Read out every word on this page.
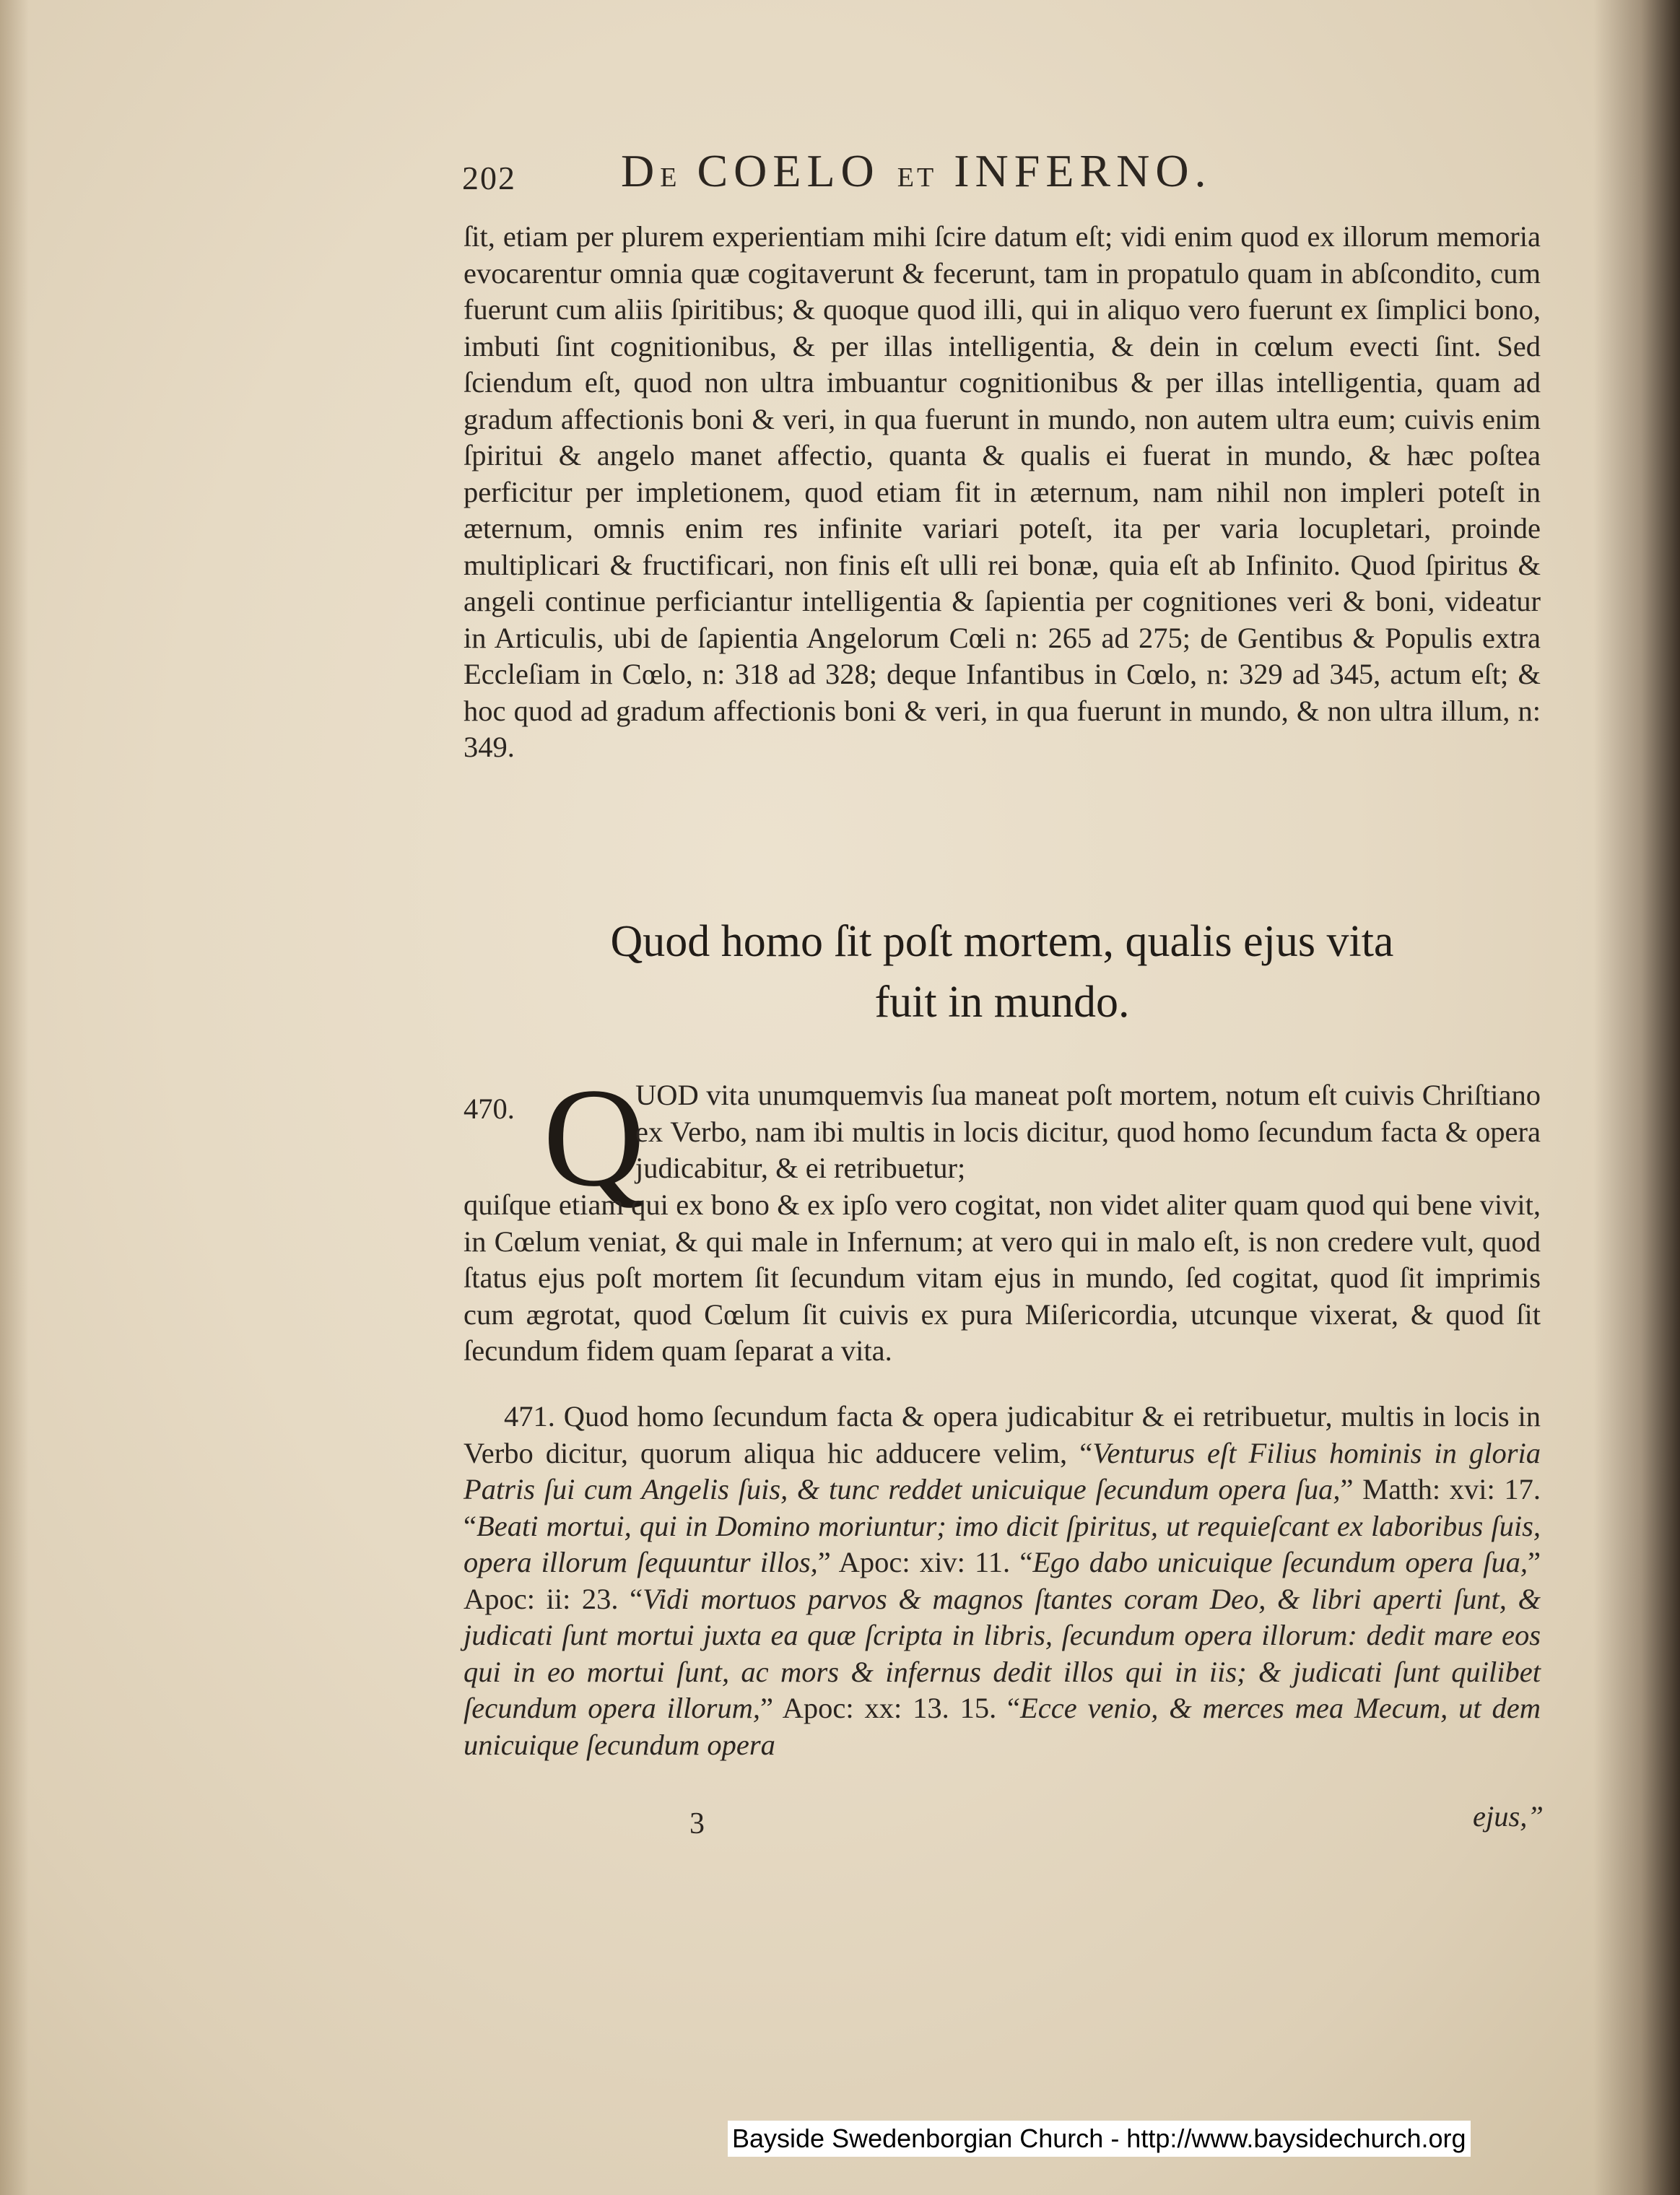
202 DE COELO ET INFERNO.
ſit, etiam per plurem experientiam mihi ſcire datum eſt; vidi enim quod ex illorum memoria evocarentur omnia quæ cogitaverunt & fecerunt, tam in propatulo quam in abſcondito, cum fuerunt cum aliis ſpiritibus; & quoque quod illi, qui in aliquo vero fuerunt ex ſimplici bono, imbuti ſint cognitionibus, & per illas intelligentia, & dein in cœlum evecti ſint. Sed ſciendum eſt, quod non ultra imbuantur cognitionibus & per illas intelligentia, quam ad gradum affectionis boni & veri, in qua fuerunt in mundo, non autem ultra eum; cuivis enim ſpiritui & angelo manet affectio, quanta & qualis ei fuerat in mundo, & hæc poſtea perficitur per impletionem, quod etiam fit in æternum, nam nihil non impleri poteſt in æternum, omnis enim res infinite variari poteſt, ita per varia locupletari, proinde multiplicari & fructificari, non finis eſt ulli rei bonæ, quia eſt ab Infinito. Quod ſpiritus & angeli continue perficiantur intelligentia & ſapientia per cognitiones veri & boni, videatur in Articulis, ubi de ſapientia Angelorum Cœli n: 265 ad 275; de Gentibus & Populis extra Eccleſiam in Cœlo, n: 318 ad 328; deque Infantibus in Cœlo, n: 329 ad 345, actum eſt; & hoc quod ad gradum affectionis boni & veri, in qua fuerunt in mundo, & non ultra illum, n: 349.
Quod homo ſit poſt mortem, qualis ejus vita
fuit in mundo.
470. Q
UOD vita unumquemvis ſua maneat poſt mortem, notum eſt cuivis Chriſtiano ex Verbo, nam ibi multis in locis dicitur, quod homo ſecundum facta & opera judicabitur, & ei retribuetur;
quiſque etiam qui ex bono & ex ipſo vero cogitat, non videt aliter quam quod qui bene vivit, in Cœlum veniat, & qui male in Infernum; at vero qui in malo eſt, is non credere vult, quod ſtatus ejus poſt mortem ſit ſecundum vitam ejus in mundo, ſed cogitat, quod ſit imprimis cum ægrotat, quod Cœlum ſit cuivis ex pura Miſericordia, utcunque vixerat, & quod ſit ſecundum fidem quam ſeparat a vita.
471. Quod homo ſecundum facta & opera judicabitur & ei retribuetur, multis in locis in Verbo dicitur, quorum aliqua hic adducere velim, “Venturus eſt Filius hominis in gloria Patris ſui cum Angelis ſuis, & tunc reddet unicuique ſecundum opera ſua,” Matth: xvi: 17. “Beati mortui, qui in Domino moriuntur; imo dicit ſpiritus, ut requieſcant ex laboribus ſuis, opera illorum ſequuntur illos,” Apoc: xiv: 11. “Ego dabo unicuique ſecundum opera ſua,” Apoc: ii: 23. “Vidi mortuos parvos & magnos ſtantes coram Deo, & libri aperti ſunt, & judicati ſunt mortui juxta ea quæ ſcripta in libris, ſecundum opera illorum: dedit mare eos qui in eo mortui ſunt, ac mors & infernus dedit illos qui in iis; & judicati ſunt quilibet ſecundum opera illorum,” Apoc: xx: 13. 15. “Ecce venio, & merces mea Mecum, ut dem unicuique ſecundum opera
3	ejus,”
Bayside Swedenborgian Church - http://www.baysidechurch.org
